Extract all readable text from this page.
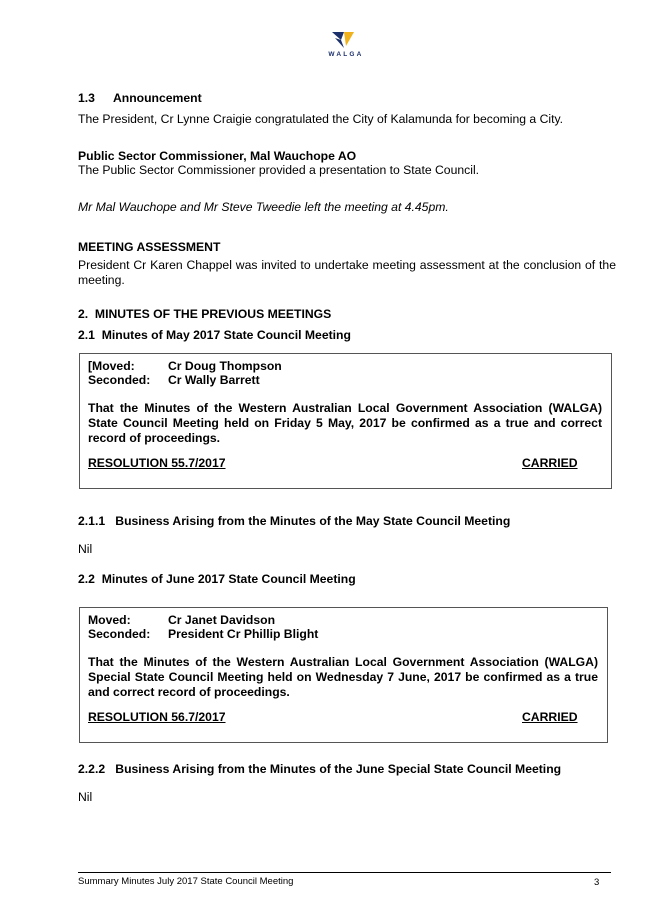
WALGA
1.3 Announcement
The President, Cr Lynne Craigie congratulated the City of Kalamunda for becoming a City.
Public Sector Commissioner, Mal Wauchope AO
The Public Sector Commissioner provided a presentation to State Council.
Mr Mal Wauchope and Mr Steve Tweedie left the meeting at 4.45pm.
MEETING ASSESSMENT
President Cr Karen Chappel was invited to undertake meeting assessment at the conclusion of the meeting.
2.  MINUTES OF THE PREVIOUS MEETINGS
2.1  Minutes of May 2017 State Council Meeting
[Moved:	Cr Doug Thompson
Seconded: Cr Wally Barrett
That the Minutes of the Western Australian Local Government Association (WALGA) State Council Meeting held on Friday 5 May, 2017 be confirmed as a true and correct record of proceedings.
RESOLUTION 55.7/2017	CARRIED
2.1.1   Business Arising from the Minutes of the May State Council Meeting
Nil
2.2  Minutes of June 2017 State Council Meeting
Moved:	Cr Janet Davidson
Seconded: President Cr Phillip Blight
That the Minutes of the Western Australian Local Government Association (WALGA) Special State Council Meeting held on Wednesday 7 June, 2017 be confirmed as a true and correct record of proceedings.
RESOLUTION 56.7/2017	CARRIED
2.2.2   Business Arising from the Minutes of the June Special State Council Meeting
Nil
Summary Minutes July 2017 State Council Meeting	3
